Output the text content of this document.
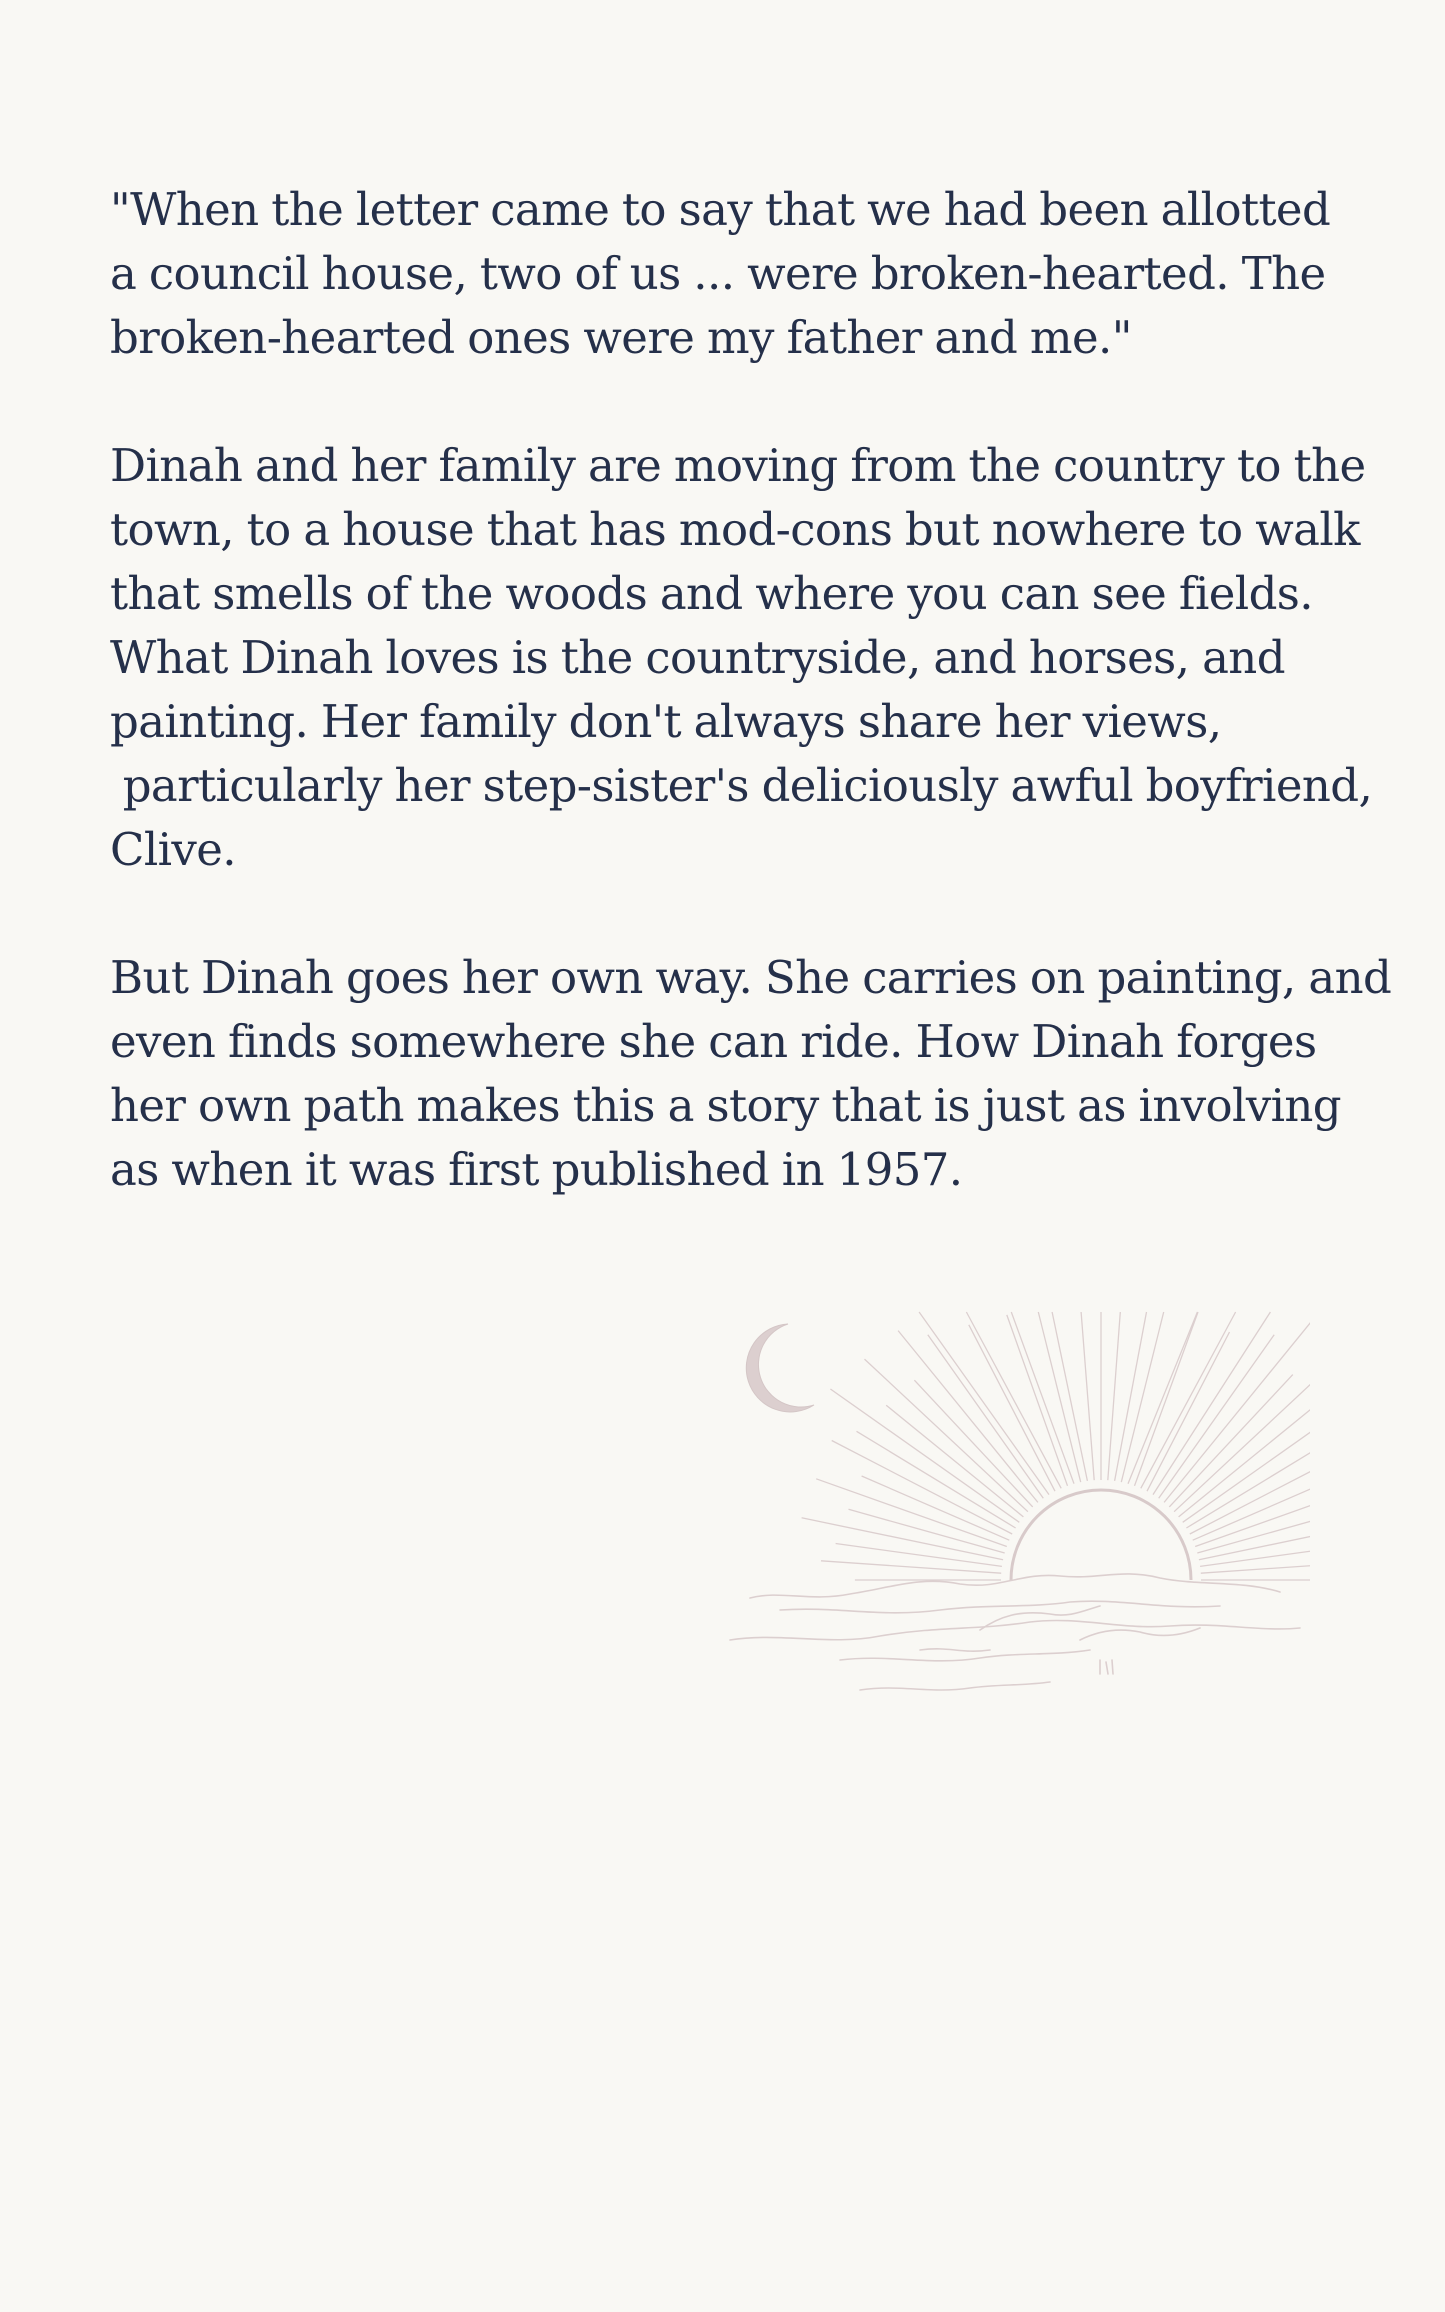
"When the letter came to say that we had been allotted
a council house, two of us ... were broken-hearted. The
broken-hearted ones were my father and me."

Dinah and her family are moving from the country to the
town, to a house that has mod-cons but nowhere to walk
that smells of the woods and where you can see fields.
What Dinah loves is the countryside, and horses, and
painting. Her family don't always share her views,
particularly her step-sister's deliciously awful boyfriend,
Clive.

But Dinah goes her own way. She carries on painting, and
even finds somewhere she can ride. How Dinah forges
her own path makes this a story that is just as involving
as when it was first published in 1957.
